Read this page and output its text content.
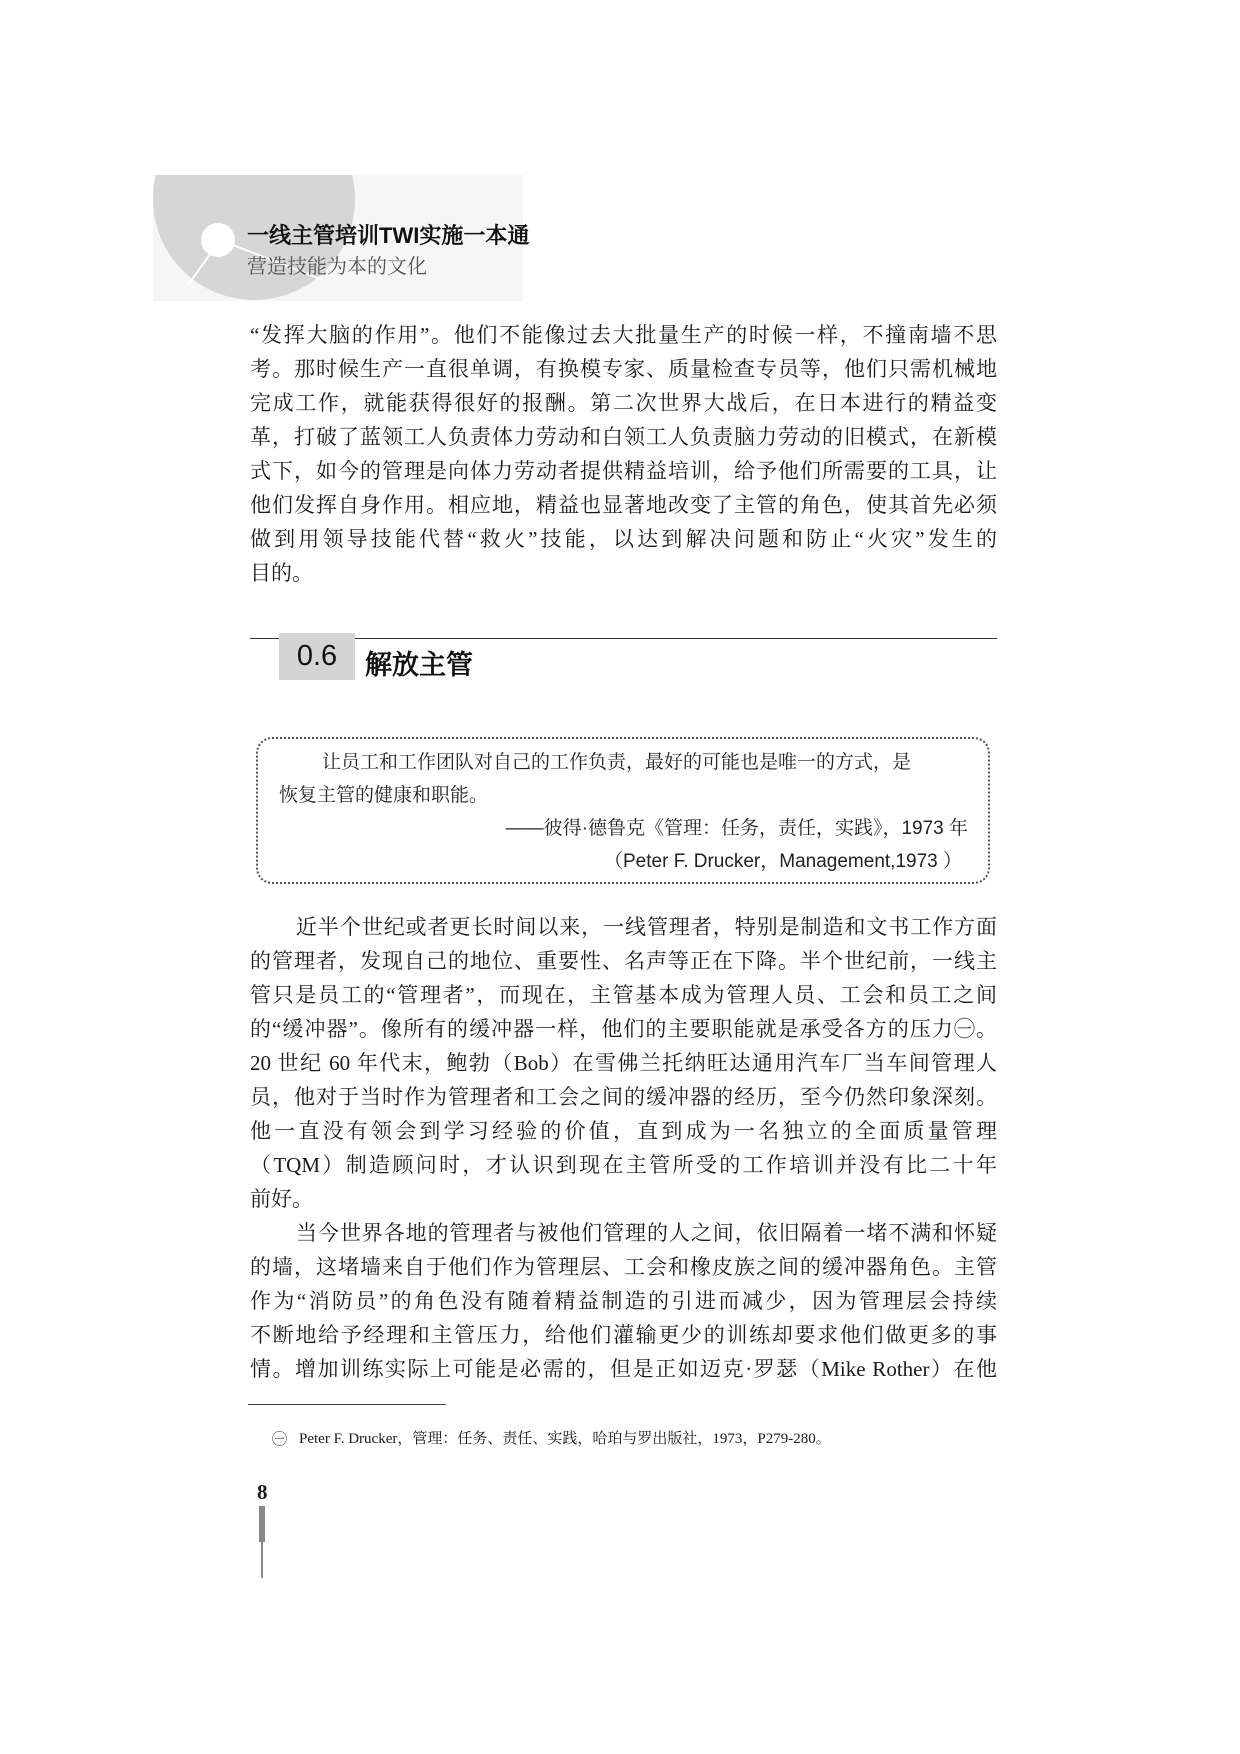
一线主管培训TWI实施一本通
营造技能为本的文化
“发挥大脑的作用”。他们不能像过去大批量生产的时候一样，不撞南墙不思
考。那时候生产一直很单调，有换模专家、质量检查专员等，他们只需机械地
完成工作，就能获得很好的报酬。第二次世界大战后，在日本进行的精益变
革，打破了蓝领工人负责体力劳动和白领工人负责脑力劳动的旧模式，在新模
式下，如今的管理是向体力劳动者提供精益培训，给予他们所需要的工具，让
他们发挥自身作用。相应地，精益也显著地改变了主管的角色，使其首先必须
做到用领导技能代替“救火”技能，以达到解决问题和防止“火灾”发生的
目的。
0.6	解放主管
让员工和工作团队对自己的工作负责，最好的可能也是唯一的方式，是
恢复主管的健康和职能。
——彼得·德鲁克《管理：任务，责任，实践》，1973 年
（Peter F. Drucker，Management,1973 ）
近半个世纪或者更长时间以来，一线管理者，特别是制造和文书工作方面
的管理者，发现自己的地位、重要性、名声等正在下降。半个世纪前，一线主
管只是员工的“管理者”，而现在，主管基本成为管理人员、工会和员工之间
的“缓冲器”。像所有的缓冲器一样，他们的主要职能就是承受各方的压力㊀。
20 世纪 60 年代末，鲍勃（Bob）在雪佛兰托纳旺达通用汽车厂当车间管理人
员，他对于当时作为管理者和工会之间的缓冲器的经历，至今仍然印象深刻。
他一直没有领会到学习经验的价值，直到成为一名独立的全面质量管理
（TQM）制造顾问时，才认识到现在主管所受的工作培训并没有比二十年
前好。
当今世界各地的管理者与被他们管理的人之间，依旧隔着一堵不满和怀疑
的墙，这堵墙来自于他们作为管理层、工会和橡皮族之间的缓冲器角色。主管
作为“消防员”的角色没有随着精益制造的引进而减少，因为管理层会持续
不断地给予经理和主管压力，给他们灌输更少的训练却要求他们做更多的事
情。增加训练实际上可能是必需的，但是正如迈克·罗瑟（Mike Rother）在他
㊀ Peter F. Drucker，管理：任务、责任、实践，哈珀与罗出版社，1973，P279-280。
8
